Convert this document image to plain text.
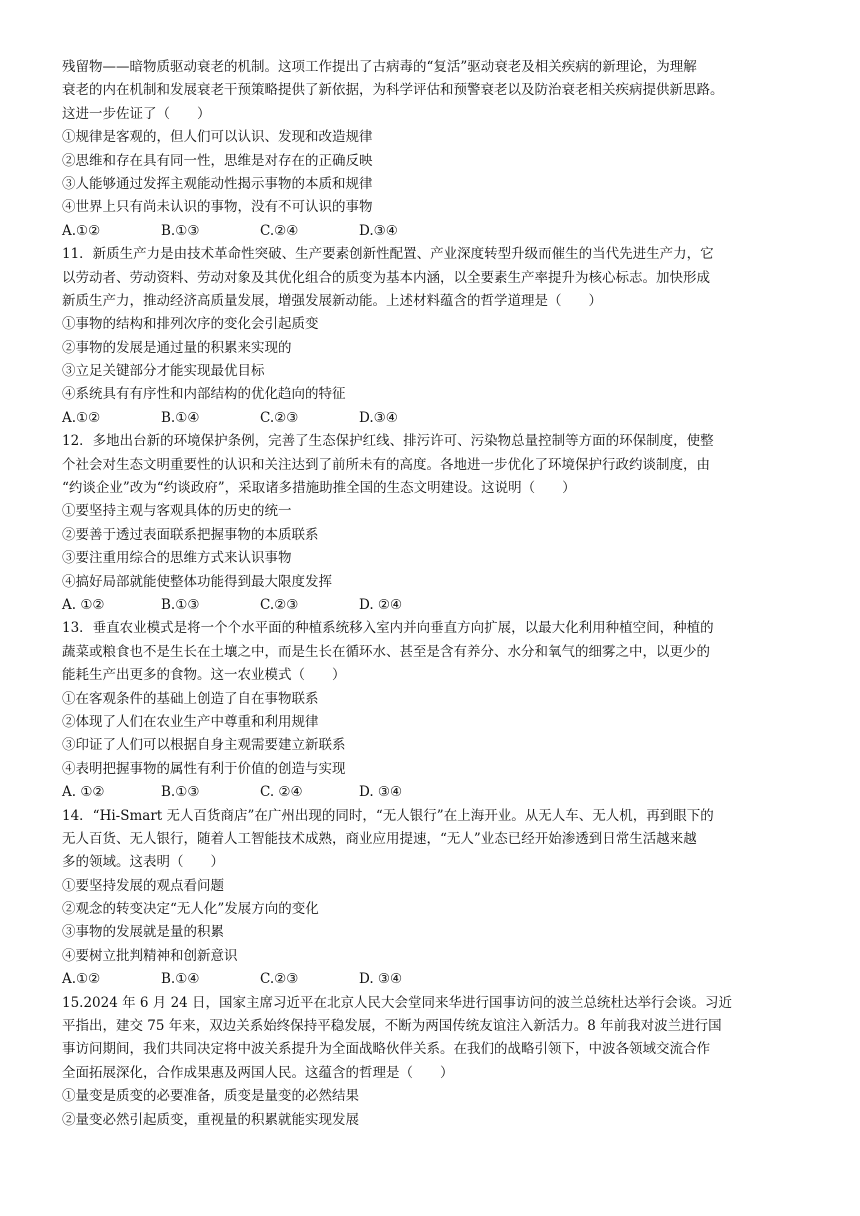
残留物——暗物质驱动衰老的机制。这项工作提出了古病毒的“复活”驱动衰老及相关疾病的新理论，为理解
衰老的内在机制和发展衰老干预策略提供了新依据，为科学评估和预警衰老以及防治衰老相关疾病提供新思路。
这进一步佐证了（　　）
①规律是客观的，但人们可以认识、发现和改造规律
②思维和存在具有同一性，思维是对存在的正确反映
③人能够通过发挥主观能动性揭示事物的本质和规律
④世界上只有尚未认识的事物，没有不可认识的事物
A.①②	B.①③	C.②④	D.③④
11．新质生产力是由技术革命性突破、生产要素创新性配置、产业深度转型升级而催生的当代先进生产力，它
以劳动者、劳动资料、劳动对象及其优化组合的质变为基本内涵，以全要素生产率提升为核心标志。加快形成
新质生产力，推动经济高质量发展，增强发展新动能。上述材料蕴含的哲学道理是（　　）
①事物的结构和排列次序的变化会引起质变
②事物的发展是通过量的积累来实现的
③立足关键部分才能实现最优目标
④系统具有有序性和内部结构的优化趋向的特征
A.①②	B.①④	C.②③	D.③④
12．多地出台新的环境保护条例，完善了生态保护红线、排污许可、污染物总量控制等方面的环保制度，使整
个社会对生态文明重要性的认识和关注达到了前所未有的高度。各地进一步优化了环境保护行政约谈制度，由
“约谈企业”改为“约谈政府”，采取诸多措施助推全国的生态文明建设。这说明（　　）
①要坚持主观与客观具体的历史的统一
②要善于透过表面联系把握事物的本质联系
③要注重用综合的思维方式来认识事物
④搞好局部就能使整体功能得到最大限度发挥
A. ①②	B.①③	C.②③	D. ②④
13．垂直农业模式是将一个个水平面的种植系统移入室内并向垂直方向扩展，以最大化利用种植空间，种植的
蔬菜或粮食也不是生长在土壤之中，而是生长在循环水、甚至是含有养分、水分和氧气的细雾之中，以更少的
能耗生产出更多的食物。这一农业模式（　　）
①在客观条件的基础上创造了自在事物联系
②体现了人们在农业生产中尊重和利用规律
③印证了人们可以根据自身主观需要建立新联系
④表明把握事物的属性有利于价值的创造与实现
A. ①②	B.①③	C. ②④	D. ③④
14．“Hi-Smart 无人百货商店”在广州出现的同时，“无人银行”在上海开业。从无人车、无人机，再到眼下的
无人百货、无人银行，随着人工智能技术成熟，商业应用提速，“无人”业态已经开始渗透到日常生活越来越
多的领域。这表明（　　）
①要坚持发展的观点看问题
②观念的转变决定“无人化”发展方向的变化
③事物的发展就是量的积累
④要树立批判精神和创新意识
A.①②	B.①④	C.②③	D. ③④
15.2024 年 6 月 24 日，国家主席习近平在北京人民大会堂同来华进行国事访问的波兰总统杜达举行会谈。习近
平指出，建交 75 年来，双边关系始终保持平稳发展，不断为两国传统友谊注入新活力。8 年前我对波兰进行国
事访问期间，我们共同决定将中波关系提升为全面战略伙伴关系。在我们的战略引领下，中波各领域交流合作
全面拓展深化，合作成果惠及两国人民。这蕴含的哲理是（　　）
①量变是质变的必要准备，质变是量变的必然结果
②量变必然引起质变，重视量的积累就能实现发展
